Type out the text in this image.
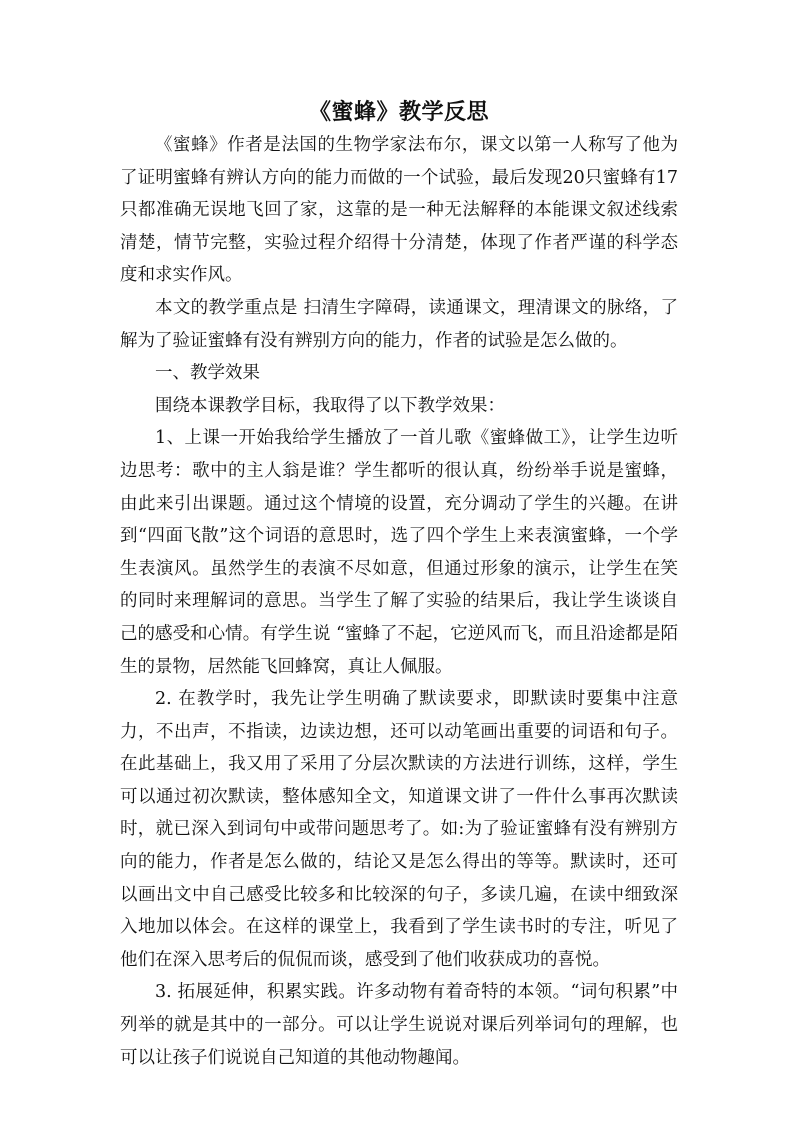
《蜜蜂》教学反思

《蜜蜂》作者是法国的生物学家法布尔，课文以第一人称写了他为了证明蜜蜂有辨认方向的能力而做的一个试验，最后发现20只蜜蜂有17 只都准确无误地飞回了家，这靠的是一种无法解释的本能课文叙述线索清楚，情节完整，实验过程介绍得十分清楚，体现了作者严谨的科学态度和求实作风。

本文的教学重点是 扫清生字障碍，读通课文，理清课文的脉络，了解为了验证蜜蜂有没有辨别方向的能力，作者的试验是怎么做的。

一、教学效果

围绕本课教学目标，我取得了以下教学效果：

1、上课一开始我给学生播放了一首儿歌《蜜蜂做工》，让学生边听边思考：歌中的主人翁是谁？学生都听的很认真，纷纷举手说是蜜蜂，由此来引出课题。通过这个情境的设置，充分调动了学生的兴趣。在讲到“四面飞散”这个词语的意思时，选了四个学生上来表演蜜蜂，一个学生表演风。虽然学生的表演不尽如意，但通过形象的演示，让学生在笑的同时来理解词的意思。当学生了解了实验的结果后，我让学生谈谈自己的感受和心情。有学生说 “蜜蜂了不起，它逆风而飞，而且沿途都是陌生的景物，居然能飞回蜂窝，真让人佩服。

2. 在教学时，我先让学生明确了默读要求，即默读时要集中注意力，不出声，不指读，边读边想，还可以动笔画出重要的词语和句子。在此基础上，我又用了采用了分层次默读的方法进行训练，这样，学生可以通过初次默读，整体感知全文，知道课文讲了一件什么事再次默读时，就已深入到词句中或带问题思考了。如:为了验证蜜蜂有没有辨别方向的能力，作者是怎么做的，结论又是怎么得出的等等。默读时，还可以画出文中自己感受比较多和比较深的句子，多读几遍，在读中细致深入地加以体会。在这样的课堂上，我看到了学生读书时的专注，听见了他们在深入思考后的侃侃而谈，感受到了他们收获成功的喜悦。

3. 拓展延伸，积累实践。许多动物有着奇特的本领。“词句积累”中列举的就是其中的一部分。可以让学生说说对课后列举词句的理解，也可以让孩子们说说自己知道的其他动物趣闻。
